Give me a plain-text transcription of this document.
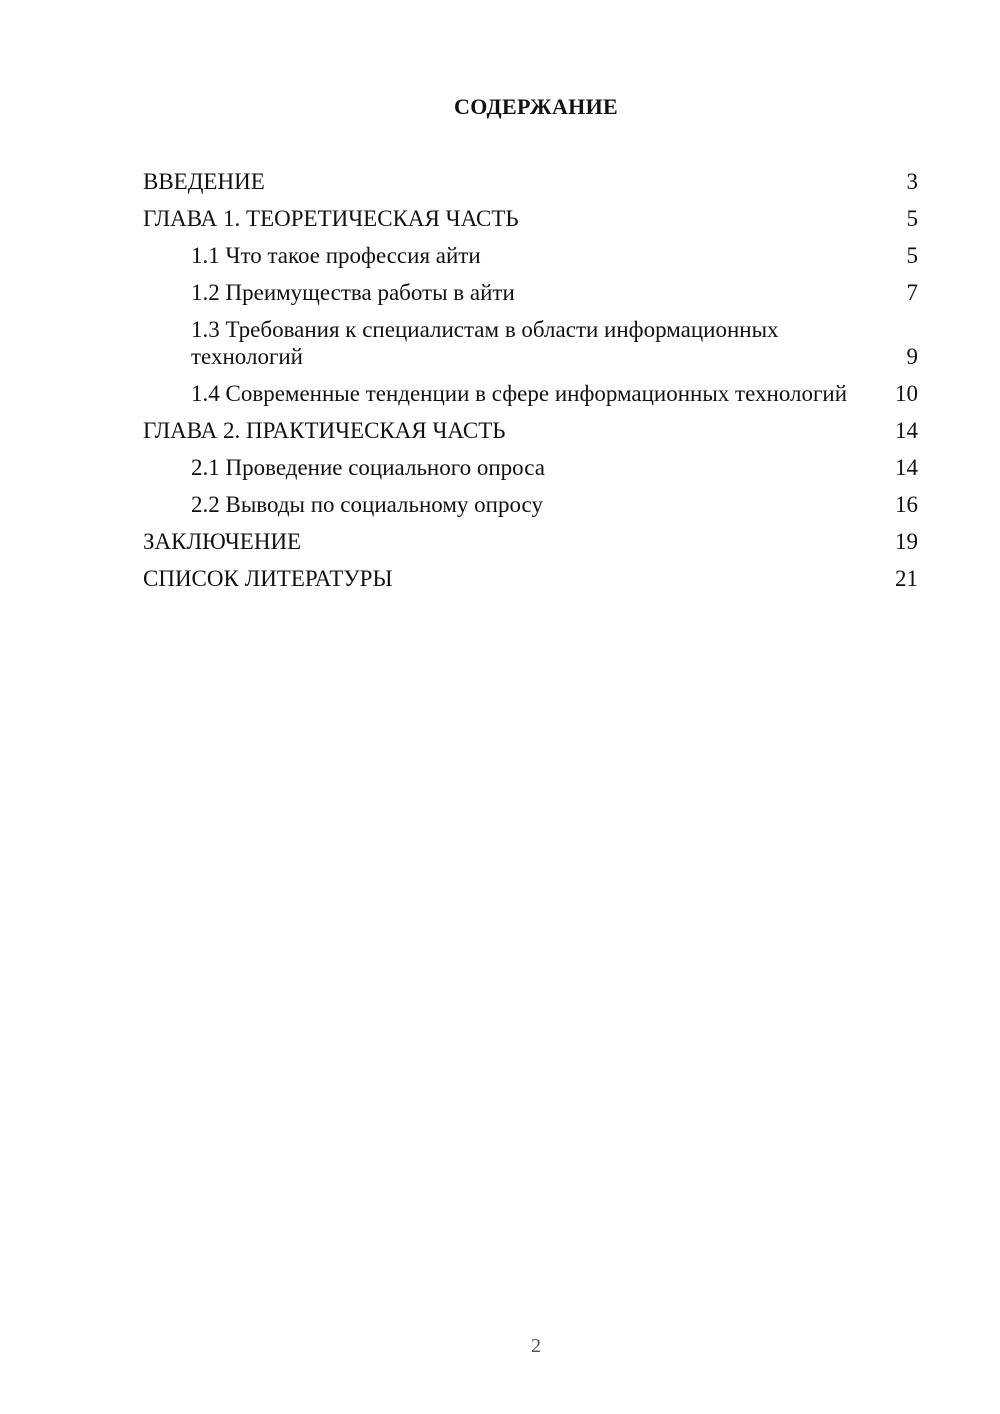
СОДЕРЖАНИЕ
ВВЕДЕНИЕ	3
ГЛАВА 1. ТЕОРЕТИЧЕСКАЯ ЧАСТЬ	5
1.1 Что такое профессия айти	5
1.2 Преимущества работы в айти	7
1.3 Требования к специалистам в области информационных технологий	9
1.4 Современные тенденции в сфере информационных технологий	10
ГЛАВА 2. ПРАКТИЧЕСКАЯ ЧАСТЬ	14
2.1 Проведение социального опроса	14
2.2 Выводы по социальному опросу	16
ЗАКЛЮЧЕНИЕ	19
СПИСОК ЛИТЕРАТУРЫ	21
2
